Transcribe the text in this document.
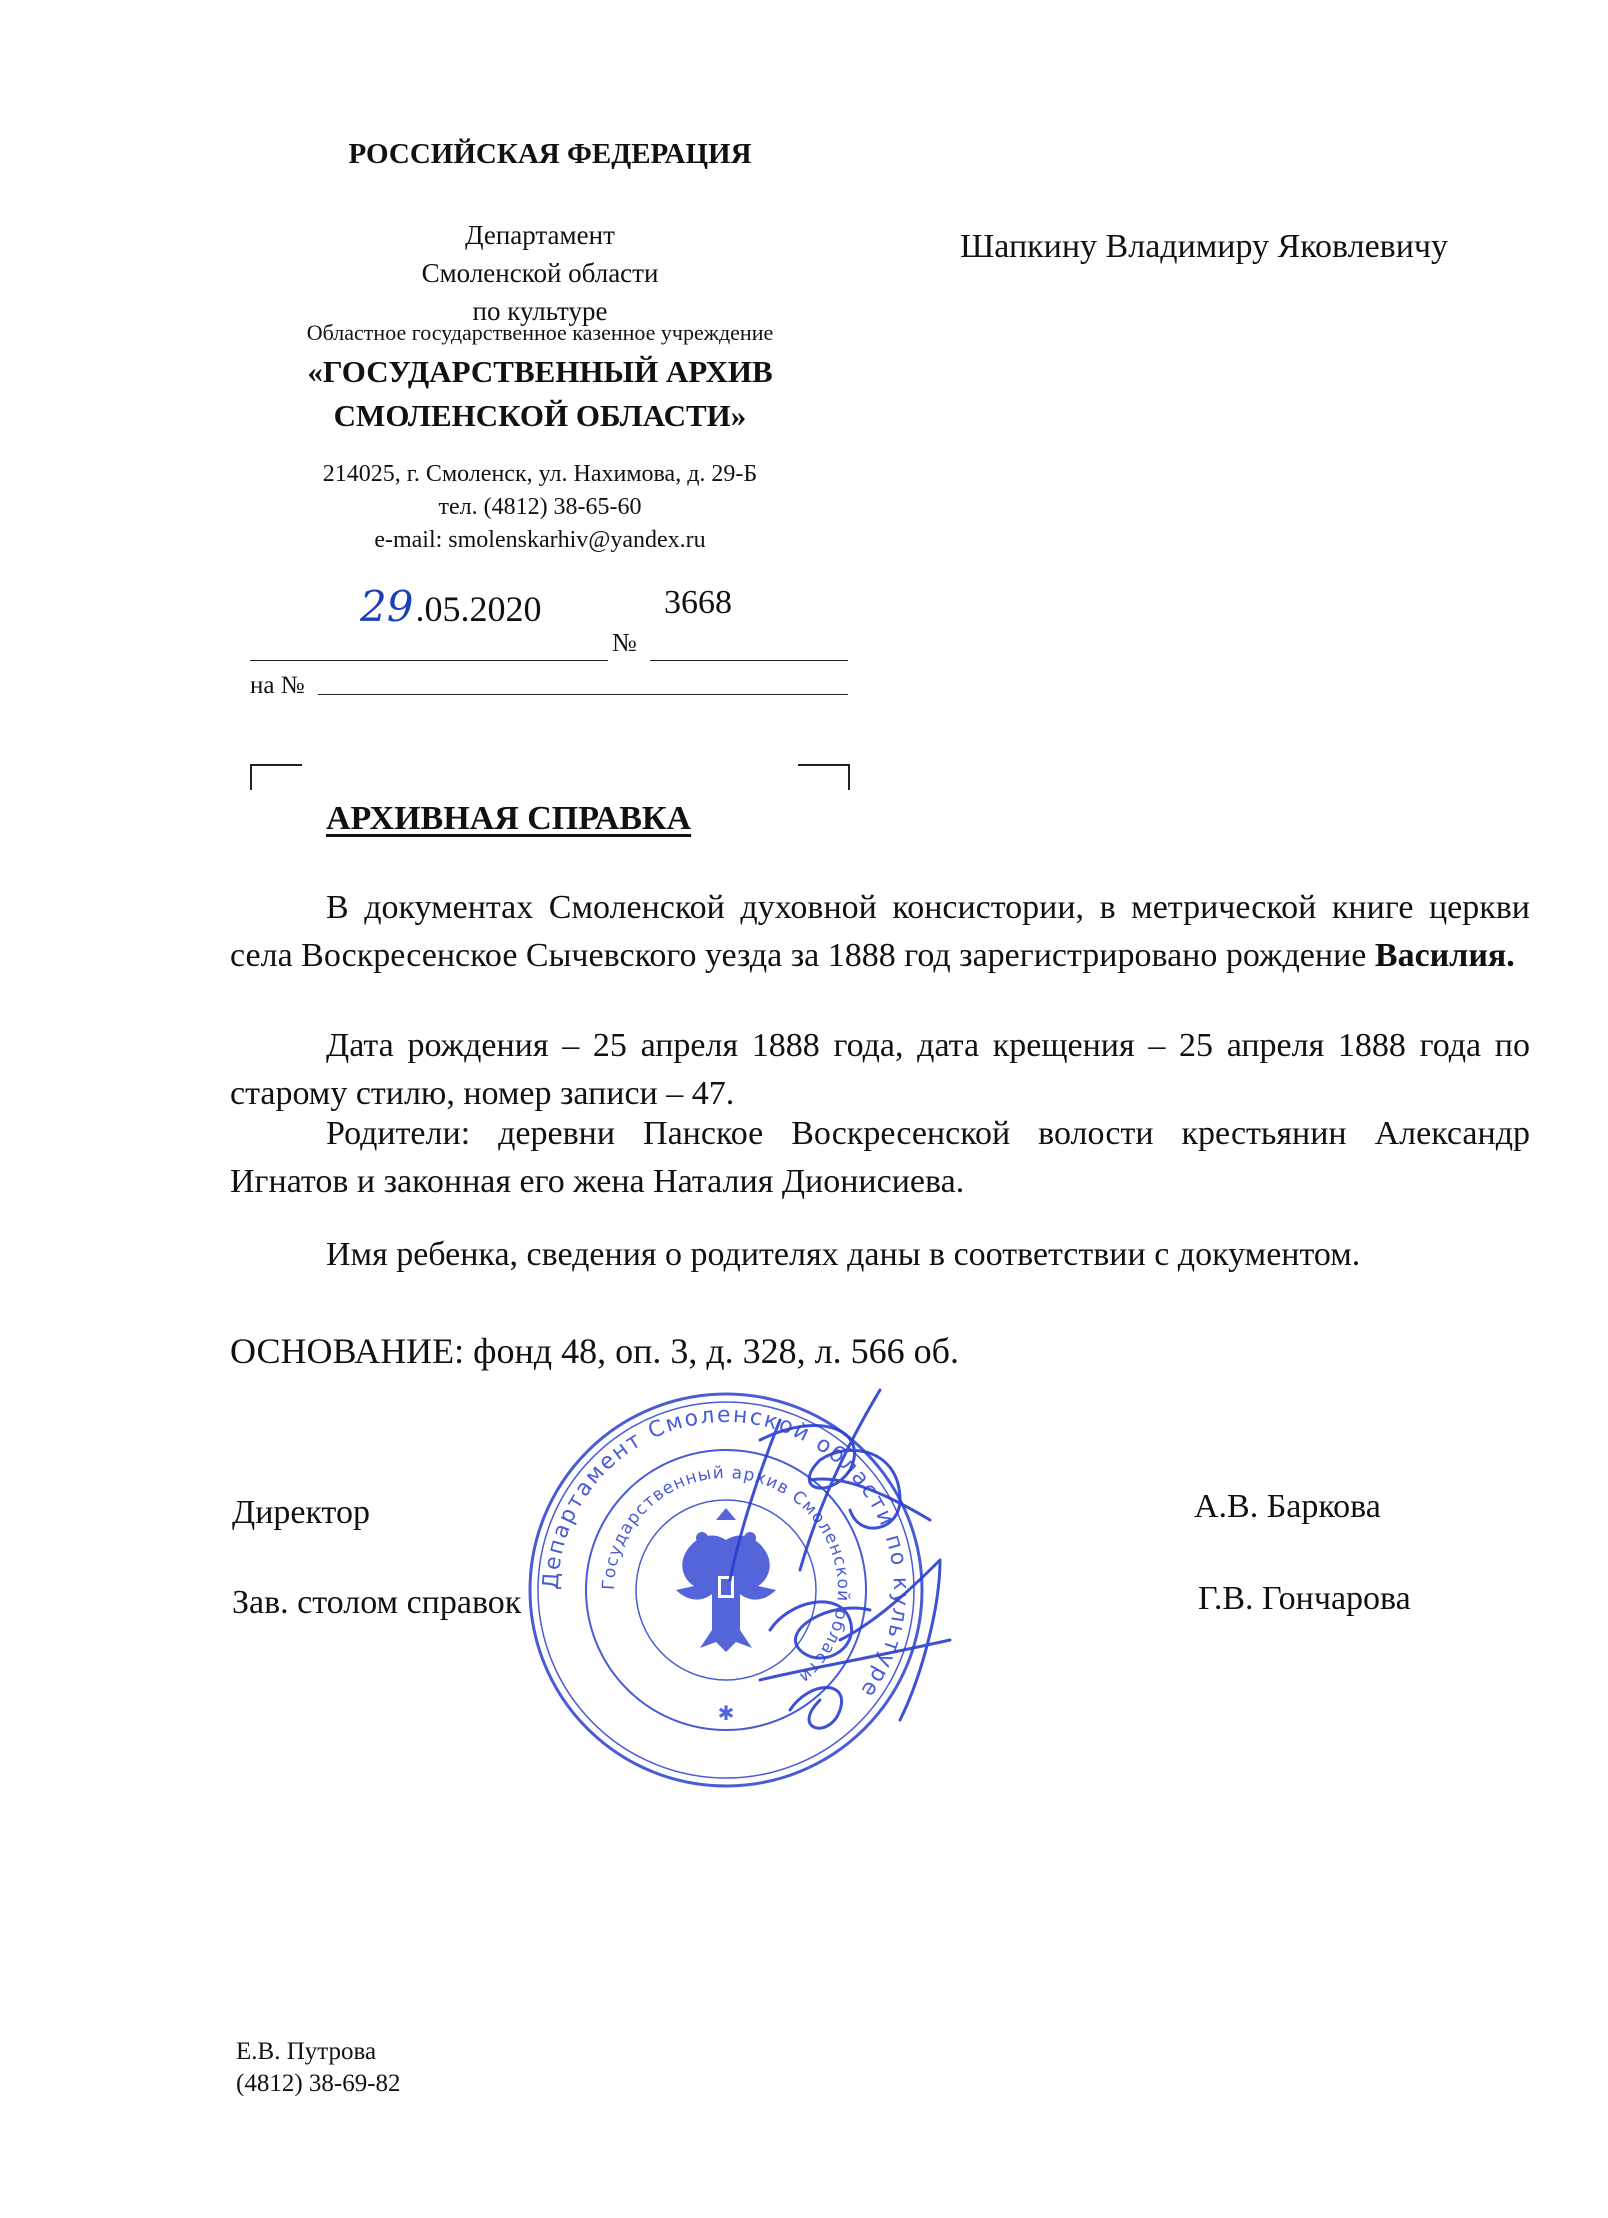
РОССИЙСКАЯ ФЕДЕРАЦИЯ
Департамент
Смоленской области
по культуре
Областное государственное казенное учреждение
«ГОСУДАРСТВЕННЫЙ АРХИВ
СМОЛЕНСКОЙ ОБЛАСТИ»
214025, г. Смоленск, ул. Нахимова, д. 29-Б
тел. (4812) 38-65-60
e-mail: smolenskarhiv@yandex.ru
Шапкину Владимиру Яковлевичу
29.05.2020	3668
№
на №
АРХИВНАЯ СПРАВКА
В документах Смоленской духовной консистории, в метрической книге церкви села Воскресенское Сычевского уезда за 1888 год зарегистрировано рождение Василия.
Дата рождения – 25 апреля 1888 года, дата крещения – 25 апреля 1888 года по старому стилю, номер записи – 47.
Родители: деревни Панское Воскресенской волости крестьянин Александр Игнатов и законная его жена Наталия Дионисиева.
Имя ребенка, сведения о родителях даны в соответствии с документом.
ОСНОВАНИЕ: фонд 48, оп. 3, д. 328, л. 566 об.
Директор	А.В. Баркова
Зав. столом справок	Г.В. Гончарова
Департамент Смоленской области по культуре
Государственный архив Смоленской области
✱
Е.В. Путрова
(4812) 38-69-82
